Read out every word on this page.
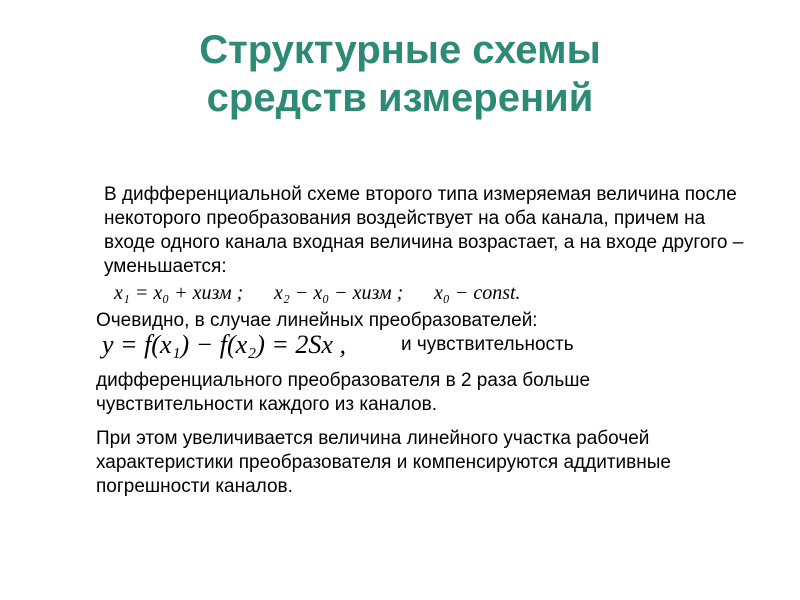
Структурные схемы
средств измерений
В дифференциальной схеме второго типа измеряемая величина после некоторого преобразования воздействует на оба канала, причем на входе одного канала входная величина возрастает, а на входе другого – уменьшается:
x₁ = x₀ + xизм ; x₂ − x₀ − xизм ; x₀ − const.
Очевидно, в случае линейных преобразователей:
y = f(x₁) − f(x₂) = 2Sx ,	и чувствительность
дифференциального преобразователя в 2 раза больше чувствительности каждого из каналов.
При этом увеличивается величина линейного участка рабочей характеристики преобразователя и компенсируются аддитивные погрешности каналов.
